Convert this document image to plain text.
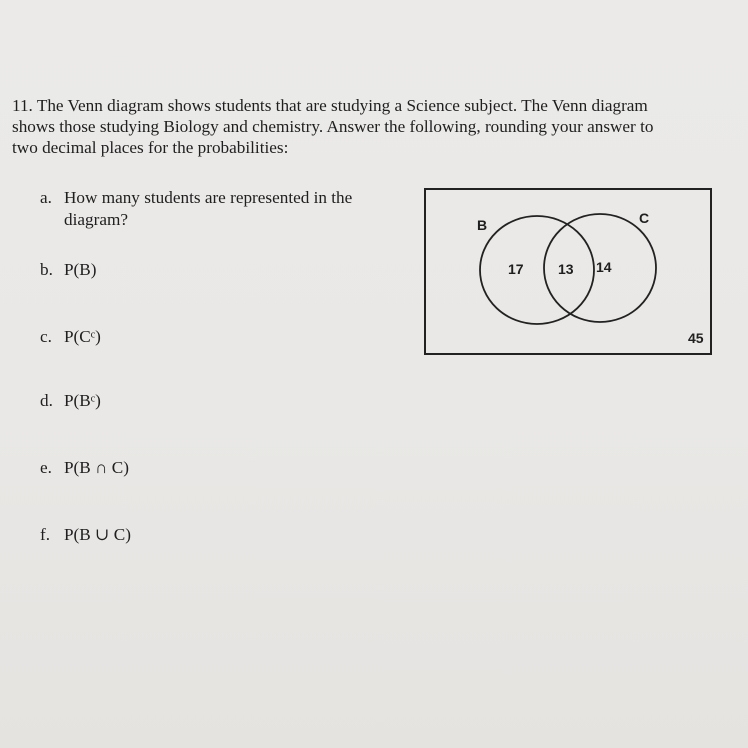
11. The Venn diagram shows students that are studying a Science subject. The Venn diagram

shows those studying Biology and chemistry. Answer the following, rounding your answer to

two decimal places for the probabilities:

a. How many students are represented in the
diagram?
b. P(B)
c. P(Cᶜ)
d. P(Bᶜ)
e. P(B ∩ C)
f. P(B ∪ C)
B	C
17 13 14
45
